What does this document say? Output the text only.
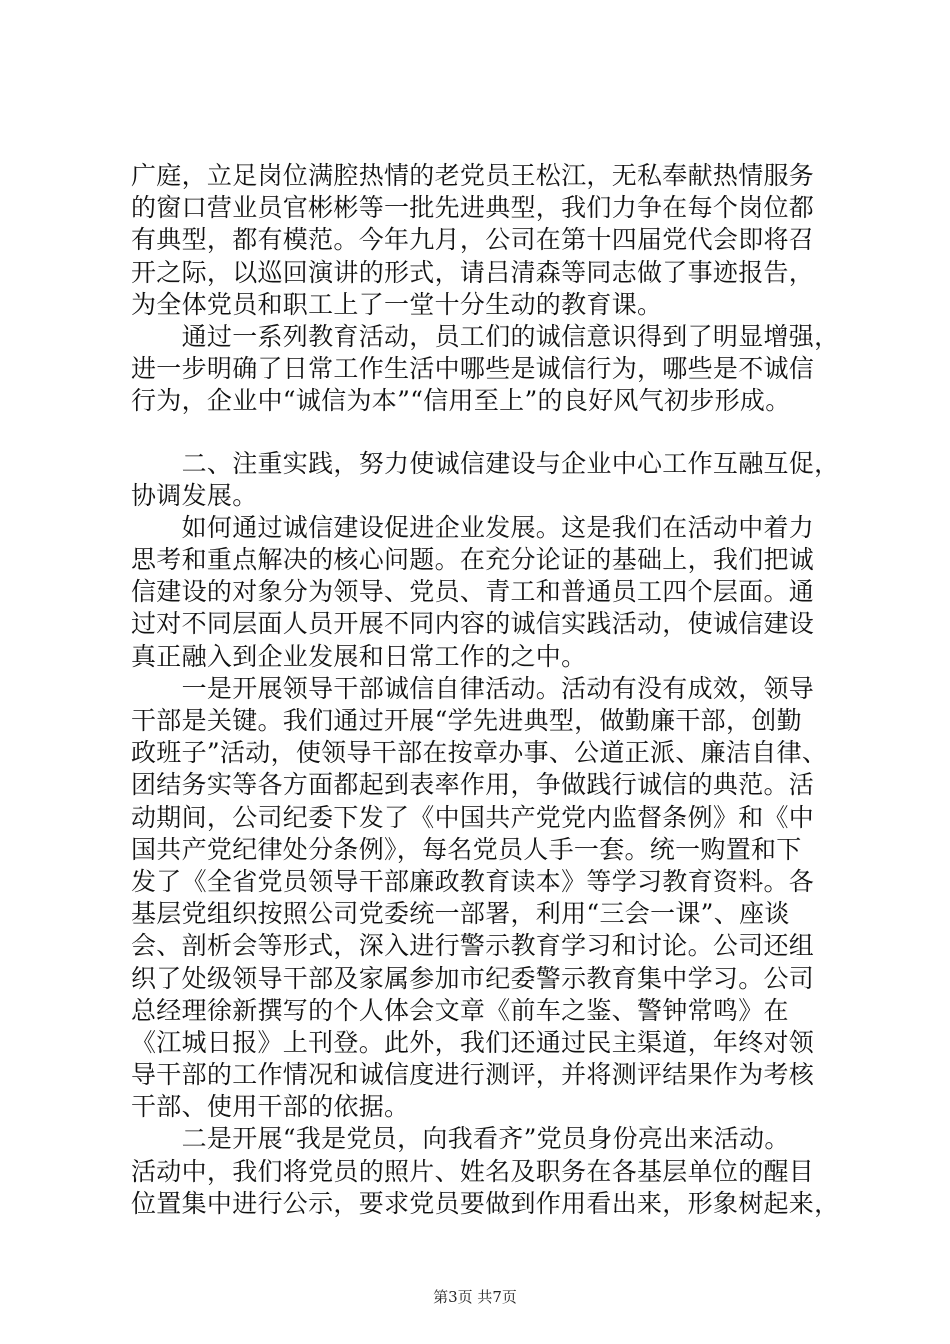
广庭，立足岗位满腔热情的老党员王松江，无私奉献热情服务
的窗口营业员官彬彬等一批先进典型，我们力争在每个岗位都
有典型，都有模范。今年九月，公司在第十四届党代会即将召
开之际，以巡回演讲的形式，请吕清森等同志做了事迹报告，
为全体党员和职工上了一堂十分生动的教育课。
　　通过一系列教育活动，员工们的诚信意识得到了明显增强，
进一步明确了日常工作生活中哪些是诚信行为，哪些是不诚信
行为，企业中“诚信为本”“信用至上”的良好风气初步形成。
　　二、注重实践，努力使诚信建设与企业中心工作互融互促，
协调发展。
　　如何通过诚信建设促进企业发展。这是我们在活动中着力
思考和重点解决的核心问题。在充分论证的基础上，我们把诚
信建设的对象分为领导、党员、青工和普通员工四个层面。通
过对不同层面人员开展不同内容的诚信实践活动，使诚信建设
真正融入到企业发展和日常工作的之中。
　　一是开展领导干部诚信自律活动。活动有没有成效，领导
干部是关键。我们通过开展“学先进典型，做勤廉干部，创勤
政班子”活动，使领导干部在按章办事、公道正派、廉洁自律、
团结务实等各方面都起到表率作用，争做践行诚信的典范。活
动期间，公司纪委下发了《中国共产党党内监督条例》和《中
国共产党纪律处分条例》，每名党员人手一套。统一购置和下
发了《全省党员领导干部廉政教育读本》等学习教育资料。各
基层党组织按照公司党委统一部署，利用“三会一课”、座谈
会、剖析会等形式，深入进行警示教育学习和讨论。公司还组
织了处级领导干部及家属参加市纪委警示教育集中学习。公司
总经理徐新撰写的个人体会文章《前车之鉴、警钟常鸣》在
《江城日报》上刊登。此外，我们还通过民主渠道，年终对领
导干部的工作情况和诚信度进行测评，并将测评结果作为考核
干部、使用干部的依据。
　　二是开展“我是党员，向我看齐”党员身份亮出来活动。
活动中，我们将党员的照片、姓名及职务在各基层单位的醒目
位置集中进行公示，要求党员要做到作用看出来，形象树起来，
第3页 共7页
